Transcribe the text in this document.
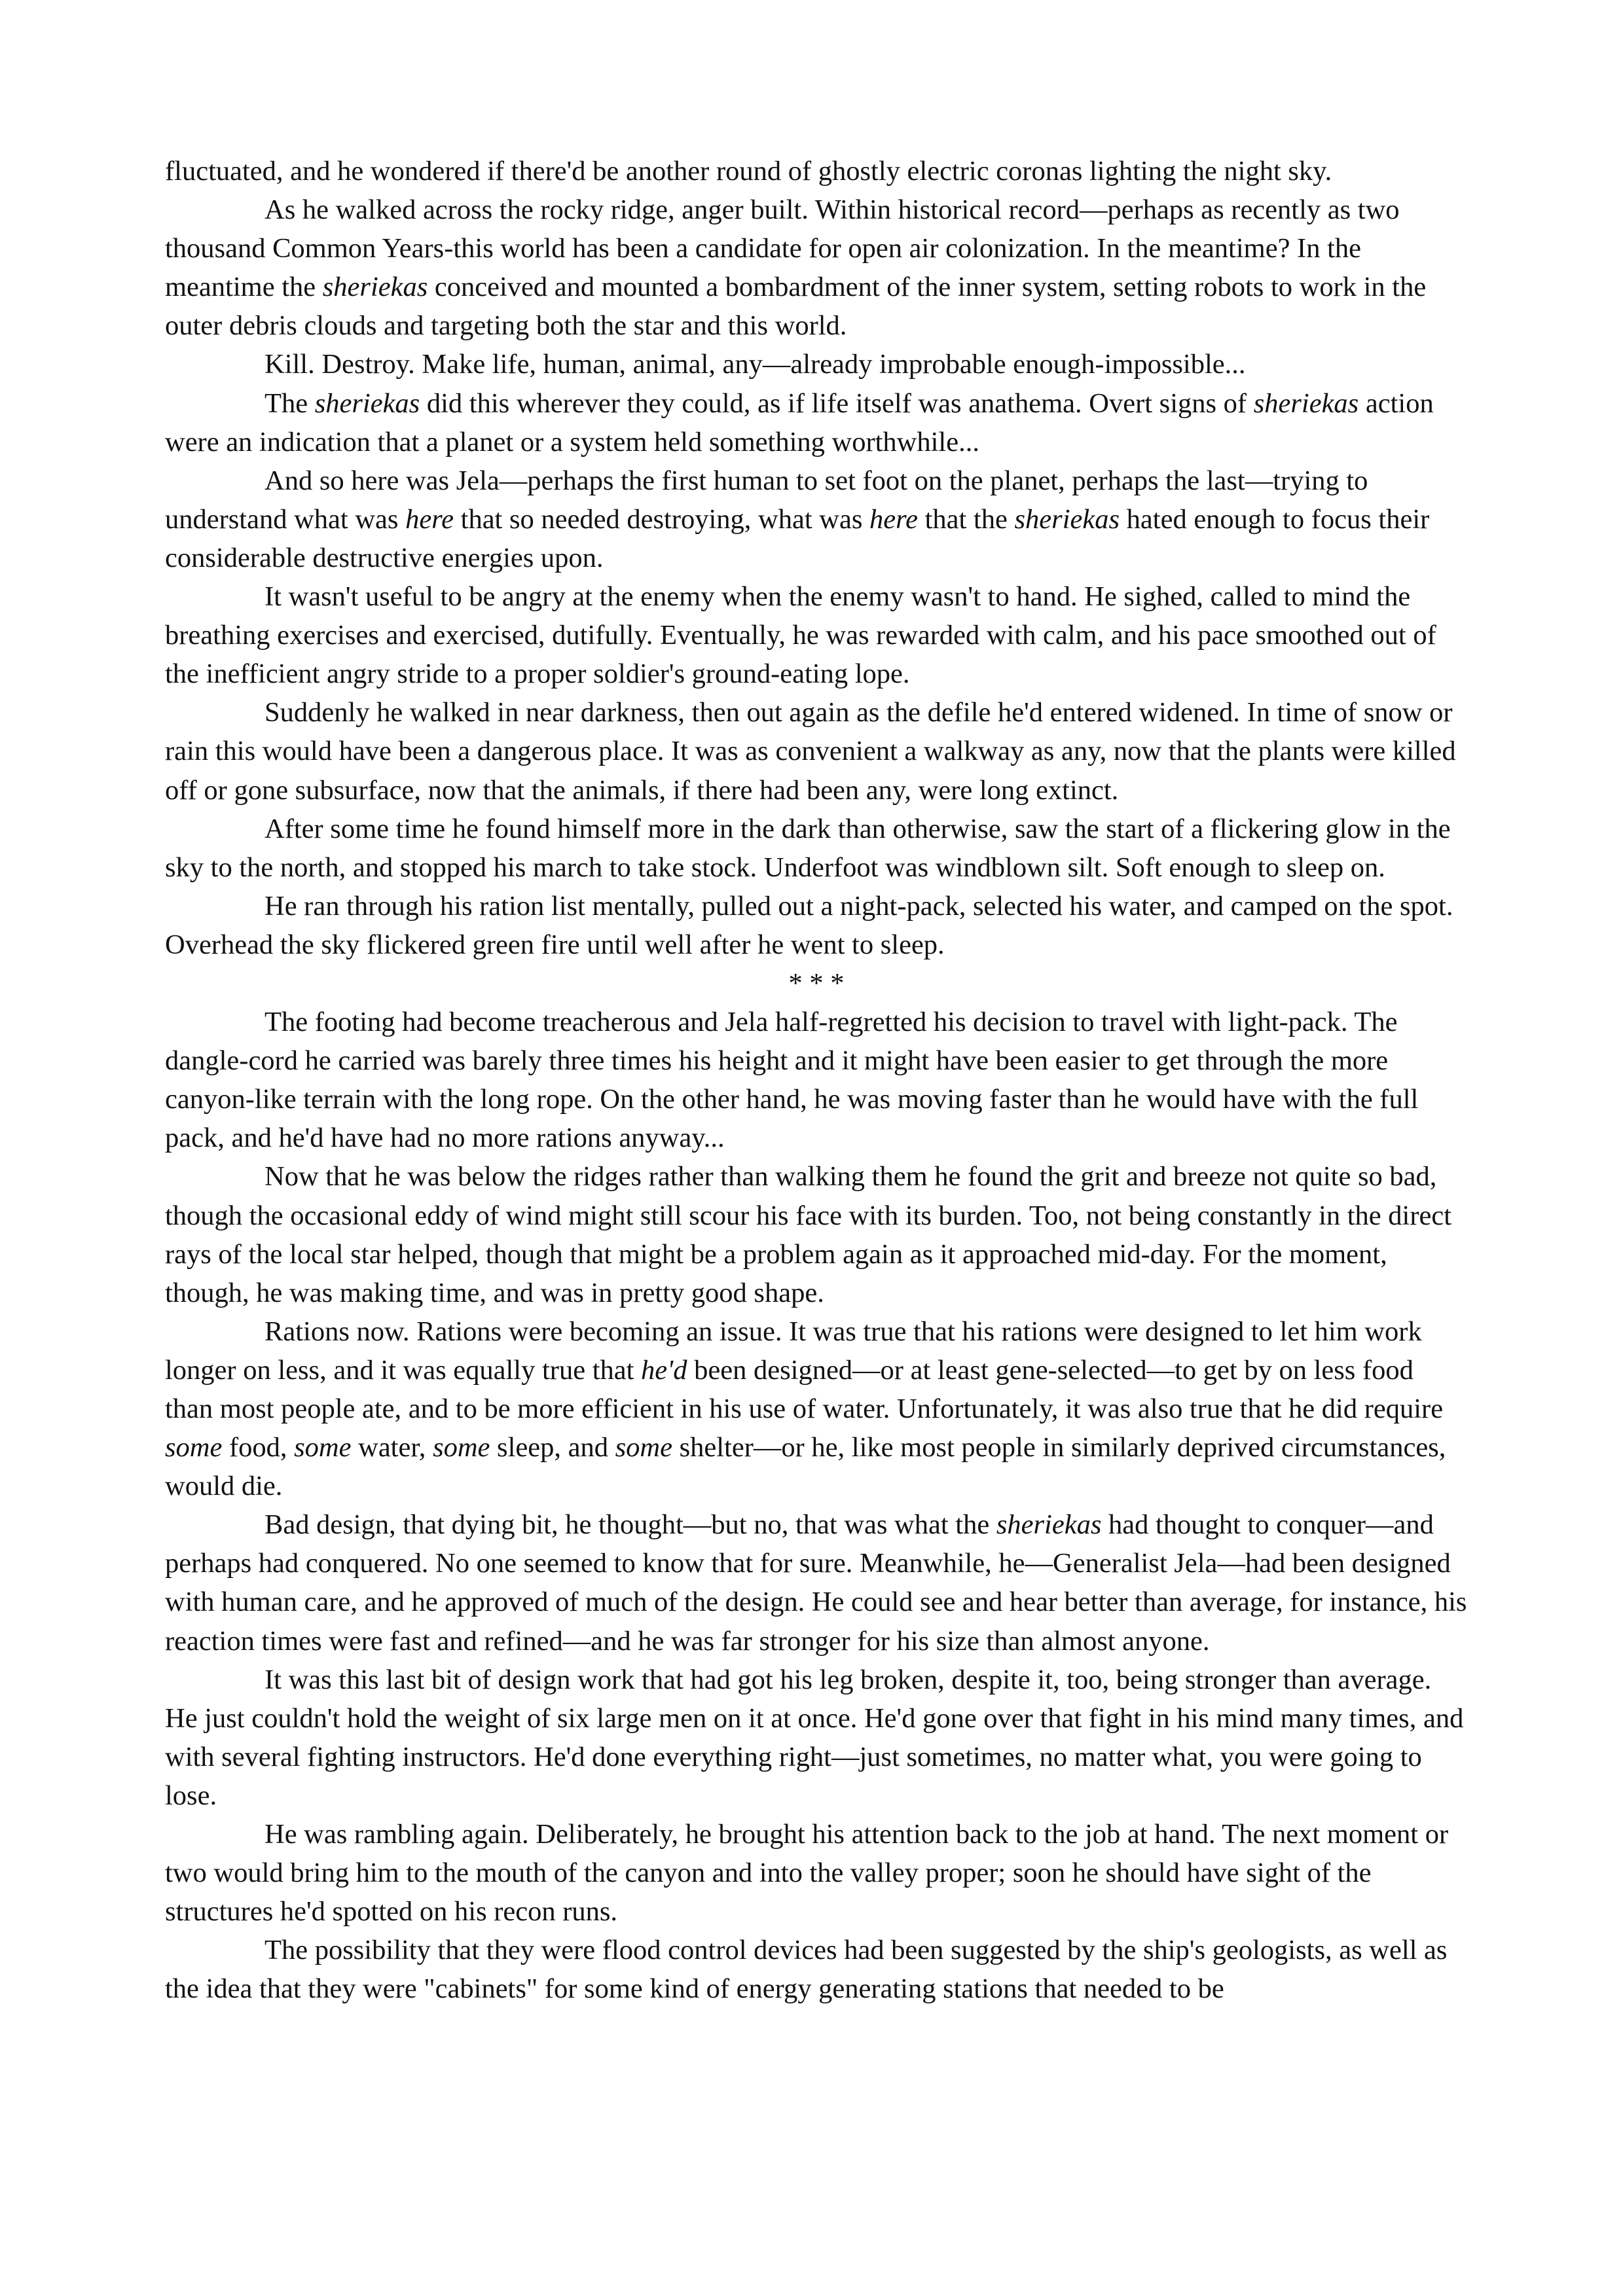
fluctuated, and he wondered if there'd be another round of ghostly electric coronas lighting the night sky.

As he walked across the rocky ridge, anger built. Within historical record—perhaps as recently as two thousand Common Years-this world has been a candidate for open air colonization. In the meantime? In the meantime the sheriekas conceived and mounted a bombardment of the inner system, setting robots to work in the outer debris clouds and targeting both the star and this world.

Kill. Destroy. Make life, human, animal, any—already improbable enough-impossible...

The sheriekas did this wherever they could, as if life itself was anathema. Overt signs of sheriekas action were an indication that a planet or a system held something worthwhile...

And so here was Jela—perhaps the first human to set foot on the planet, perhaps the last—trying to understand what was here that so needed destroying, what was here that the sheriekas hated enough to focus their considerable destructive energies upon.

It wasn't useful to be angry at the enemy when the enemy wasn't to hand. He sighed, called to mind the breathing exercises and exercised, dutifully. Eventually, he was rewarded with calm, and his pace smoothed out of the inefficient angry stride to a proper soldier's ground-eating lope.

Suddenly he walked in near darkness, then out again as the defile he'd entered widened. In time of snow or rain this would have been a dangerous place. It was as convenient a walkway as any, now that the plants were killed off or gone subsurface, now that the animals, if there had been any, were long extinct.

After some time he found himself more in the dark than otherwise, saw the start of a flickering glow in the sky to the north, and stopped his march to take stock. Underfoot was windblown silt. Soft enough to sleep on.

He ran through his ration list mentally, pulled out a night-pack, selected his water, and camped on the spot. Overhead the sky flickered green fire until well after he went to sleep.

* * *

The footing had become treacherous and Jela half-regretted his decision to travel with light-pack. The dangle-cord he carried was barely three times his height and it might have been easier to get through the more canyon-like terrain with the long rope. On the other hand, he was moving faster than he would have with the full pack, and he'd have had no more rations anyway...

Now that he was below the ridges rather than walking them he found the grit and breeze not quite so bad, though the occasional eddy of wind might still scour his face with its burden. Too, not being constantly in the direct rays of the local star helped, though that might be a problem again as it approached mid-day. For the moment, though, he was making time, and was in pretty good shape.

Rations now. Rations were becoming an issue. It was true that his rations were designed to let him work longer on less, and it was equally true that he'd been designed—or at least gene-selected—to get by on less food than most people ate, and to be more efficient in his use of water. Unfortunately, it was also true that he did require some food, some water, some sleep, and some shelter—or he, like most people in similarly deprived circumstances, would die.

Bad design, that dying bit, he thought—but no, that was what the sheriekas had thought to conquer—and perhaps had conquered. No one seemed to know that for sure. Meanwhile, he—Generalist Jela—had been designed with human care, and he approved of much of the design. He could see and hear better than average, for instance, his reaction times were fast and refined—and he was far stronger for his size than almost anyone.

It was this last bit of design work that had got his leg broken, despite it, too, being stronger than average. He just couldn't hold the weight of six large men on it at once. He'd gone over that fight in his mind many times, and with several fighting instructors. He'd done everything right—just sometimes, no matter what, you were going to lose.

He was rambling again. Deliberately, he brought his attention back to the job at hand. The next moment or two would bring him to the mouth of the canyon and into the valley proper; soon he should have sight of the structures he'd spotted on his recon runs.

The possibility that they were flood control devices had been suggested by the ship's geologists, as well as the idea that they were "cabinets" for some kind of energy generating stations that needed to be
